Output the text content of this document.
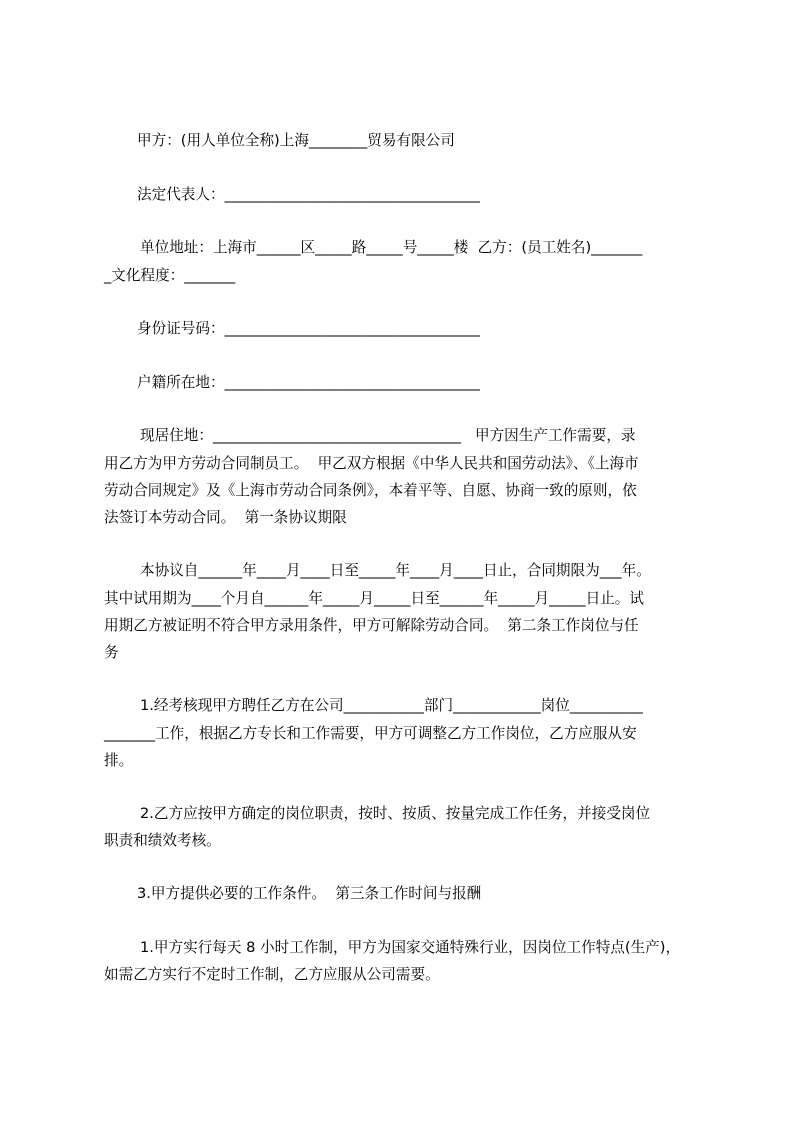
甲方：(用人单位全称)上海________贸易有限公司

法定代表人：___________________________________

单位地址：上海市______区_____路_____号_____楼  乙方：(员工姓名)_______

_文化程度：_______

身份证号码：___________________________________

户籍所在地：___________________________________

现居住地：__________________________________   甲方因生产工作需要，录

用乙方为甲方劳动合同制员工。  甲乙双方根据《中华人民共和国劳动法》、《上海市

劳动合同规定》及《上海市劳动合同条例》，本着平等、自愿、协商一致的原则，依

法签订本劳动合同。  第一条协议期限

本协议自______年____月____日至_____年____月____日止，合同期限为___年。

其中试用期为____个月自______年_____月_____日至______年_____月_____日止。试

用期乙方被证明不符合甲方录用条件，甲方可解除劳动合同。  第二条工作岗位与任

务

1.经考核现甲方聘任乙方在公司___________部门____________岗位__________

_______工作，根据乙方专长和工作需要，甲方可调整乙方工作岗位，乙方应服从安

排。

2.乙方应按甲方确定的岗位职责，按时、按质、按量完成工作任务，并接受岗位

职责和绩效考核。

3.甲方提供必要的工作条件。  第三条工作时间与报酬

1.甲方实行每天 8 小时工作制，甲方为国家交通特殊行业，因岗位工作特点(生产)，

如需乙方实行不定时工作制，乙方应服从公司需要。
